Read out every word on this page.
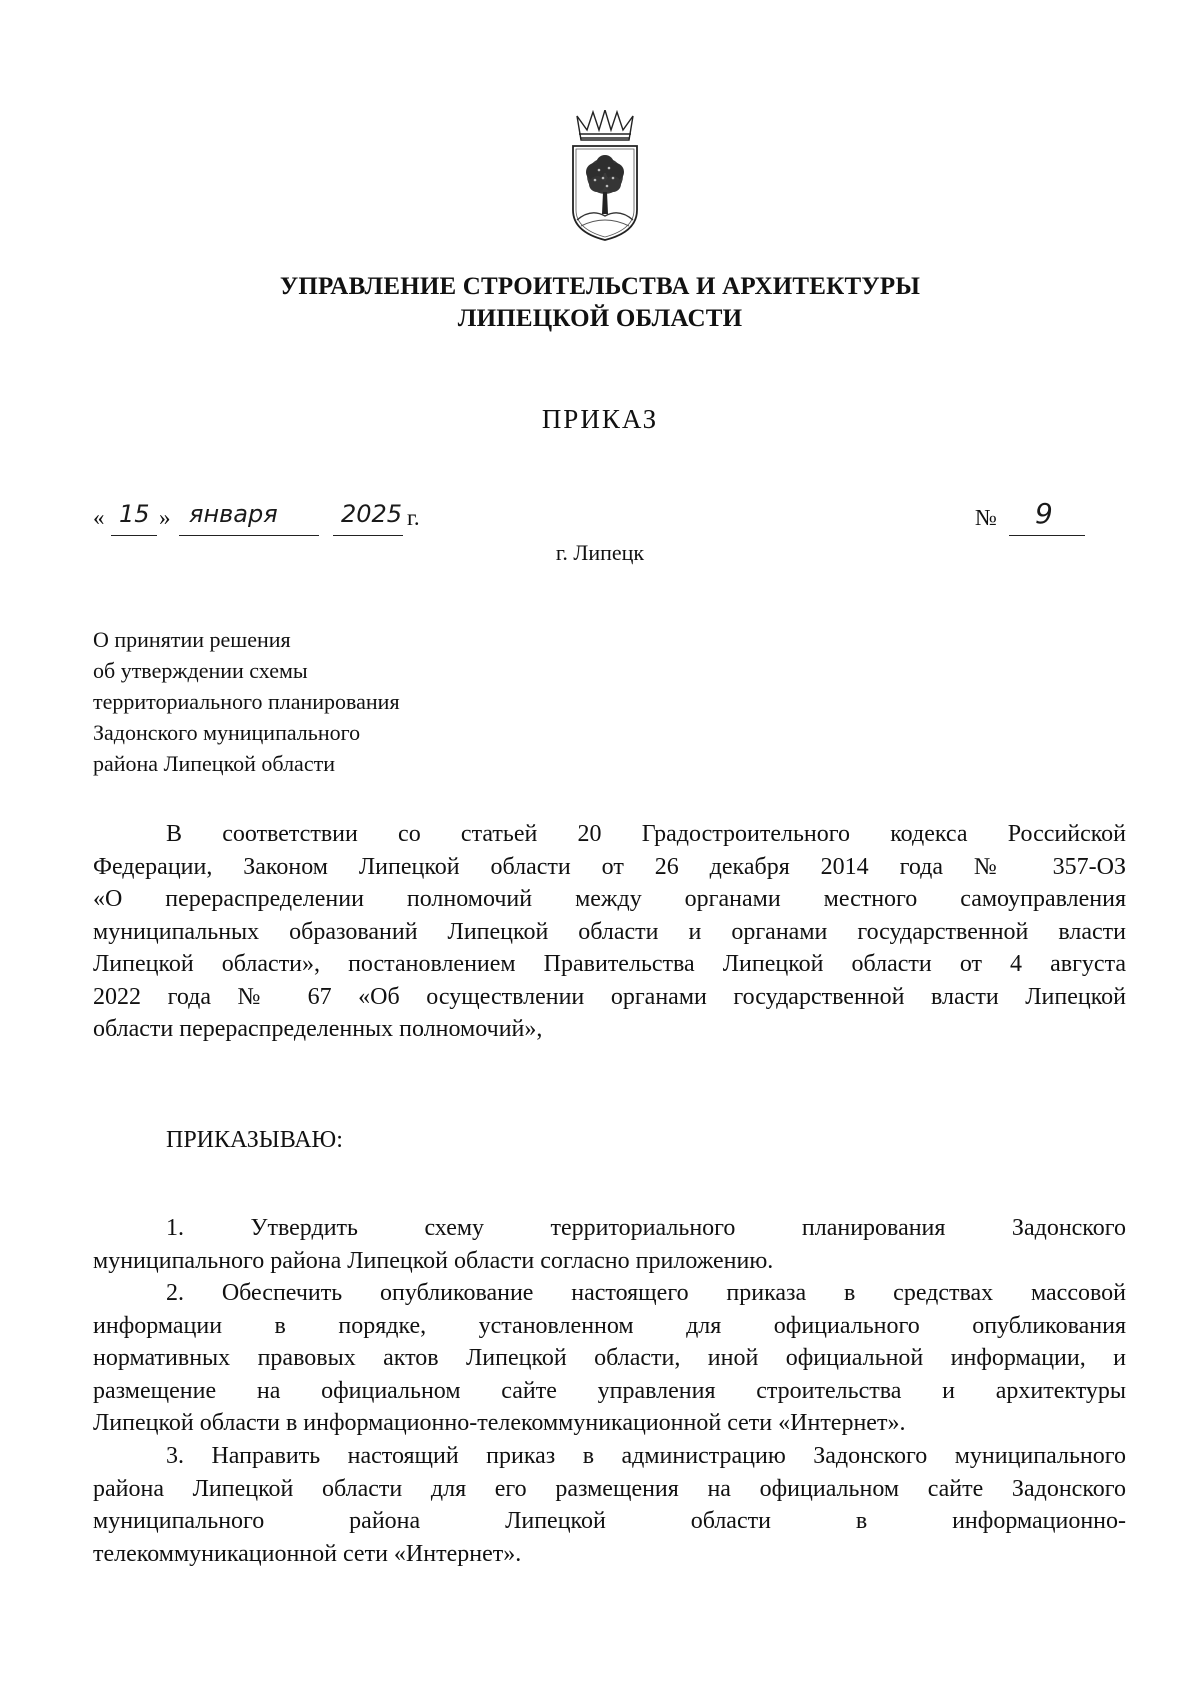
УПРАВЛЕНИЕ СТРОИТЕЛЬСТВА И АРХИТЕКТУРЫ
ЛИПЕЦКОЙ ОБЛАСТИ
ПРИКАЗ
« 15 » января	2025 г.	№ 9
г. Липецк
О принятии решения
об утверждении схемы
территориального планирования
Задонского муниципального
района Липецкой области
В соответствии со статьей 20 Градостроительного кодекса Российской
Федерации, Законом Липецкой области от 26 декабря 2014 года № 357-ОЗ
«О перераспределении полномочий между органами местного самоуправления
муниципальных образований Липецкой области и органами государственной власти
Липецкой области», постановлением Правительства Липецкой области от 4 августа
2022 года № 67 «Об осуществлении органами государственной власти Липецкой
области перераспределенных полномочий»,
ПРИКАЗЫВАЮ:
1. Утвердить схему территориального планирования Задонского
муниципального района Липецкой области согласно приложению.
2. Обеспечить опубликование настоящего приказа в средствах массовой
информации в порядке, установленном для официального опубликования
нормативных правовых актов Липецкой области, иной официальной информации, и
размещение на официальном сайте управления строительства и архитектуры
Липецкой области в информационно-телекоммуникационной сети «Интернет».
3. Направить настоящий приказ в администрацию Задонского муниципального
района Липецкой области для его размещения на официальном сайте Задонского
муниципального района Липецкой области в информационно-
телекоммуникационной сети «Интернет».
